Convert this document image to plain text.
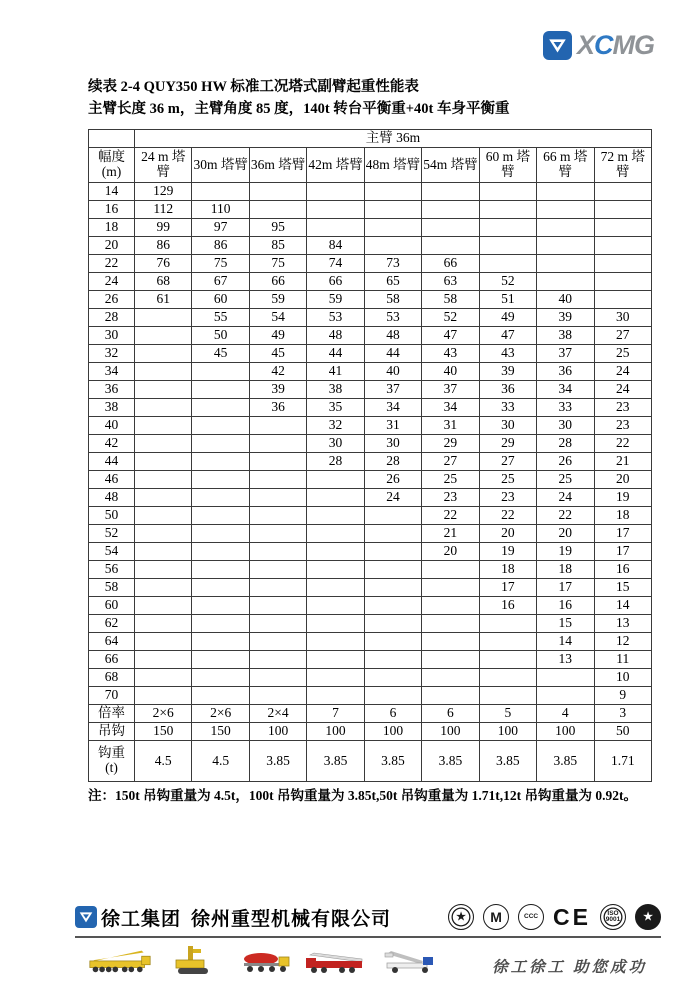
XCMG
续表 2-4 QUY350 HW 标准工况塔式副臂起重性能表
主臂长度 36 m，主臂角度 85 度，140t 转台平衡重+40t 车身平衡重
	主臂 36m								
幅度 (m)	24 m 塔臂	30m 塔臂	36m 塔臂	42m 塔臂	48m 塔臂	54m 塔臂	60 m 塔臂	66 m 塔臂	72 m 塔臂
14	129								
16	112	110							
18	99	97	95						
20	86	86	85	84					
22	76	75	75	74	73	66			
24	68	67	66	66	65	63	52		
26	61	60	59	59	58	58	51	40	
28		55	54	53	53	52	49	39	30
30		50	49	48	48	47	47	38	27
32		45	45	44	44	43	43	37	25
34			42	41	40	40	39	36	24
36			39	38	37	37	36	34	24
38			36	35	34	34	33	33	23
40				32	31	31	30	30	23
42				30	30	29	29	28	22
44				28	28	27	27	26	21
46					26	25	25	25	20
48					24	23	23	24	19
50						22	22	22	18
52						21	20	20	17
54						20	19	19	17
56							18	18	16
58							17	17	15
60							16	16	14
62								15	13
64								14	12
66								13	11
68									10
70									9
倍率	2×6	2×6	2×4	7	6	6	5	4	3
吊钩	150	150	100	100	100	100	100	100	50
钩重 (t)	4.5	4.5	3.85	3.85	3.85	3.85	3.85	3.85	1.71
注：150t 吊钩重量为 4.5t，100t 吊钩重量为 3.85t,50t 吊钩重量为 1.71t,12t 吊钩重量为 0.92t。
徐工集团 徐州重型机械有限公司	★	M	CCC CE	ISO 9001	★
徐工徐工 助您成功
